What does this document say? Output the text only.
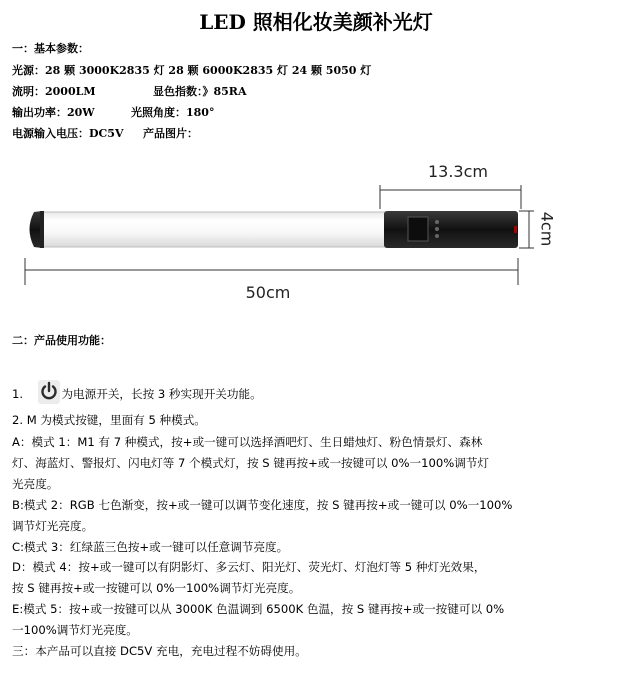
LED 照相化妆美颜补光灯
一：基本参数：
光源：28 颗 3000K2835 灯 28 颗 6000K2835 灯 24 颗 5050 灯
流明：2000LM	显色指数：》85RA
输出功率：20W	光照角度：180°
电源输入电压：DC5V 产品图片：
13.3cm
4cm
50cm
二：产品使用功能：
1.	为电源开关，长按 3 秒实现开关功能。
2. M 为模式按键，里面有 5 种模式。
A：模式 1：M1 有 7 种模式，按+或一键可以选择酒吧灯、生日蜡烛灯、粉色情景灯、森林
灯、海蓝灯、警报灯、闪电灯等 7 个模式灯，按 S 键再按+或一按键可以 0%一100%调节灯
光亮度。
B:模式 2：RGB 七色渐变，按+或一键可以调节变化速度，按 S 键再按+或一键可以 0%一100%
调节灯光亮度。
C:模式 3：红绿蓝三色按+或一键可以任意调节亮度。
D：模式 4：按+或一键可以有阴影灯、多云灯、阳光灯、荧光灯、灯泡灯等 5 种灯光效果，
按 S 键再按+或一按键可以 0%一100%调节灯光亮度。
E:模式 5：按+或一按键可以从 3000K 色温调到 6500K 色温，按 S 键再按+或一按键可以 0%
一100%调节灯光亮度。
三：本产品可以直接 DC5V 充电，充电过程不妨碍使用。
